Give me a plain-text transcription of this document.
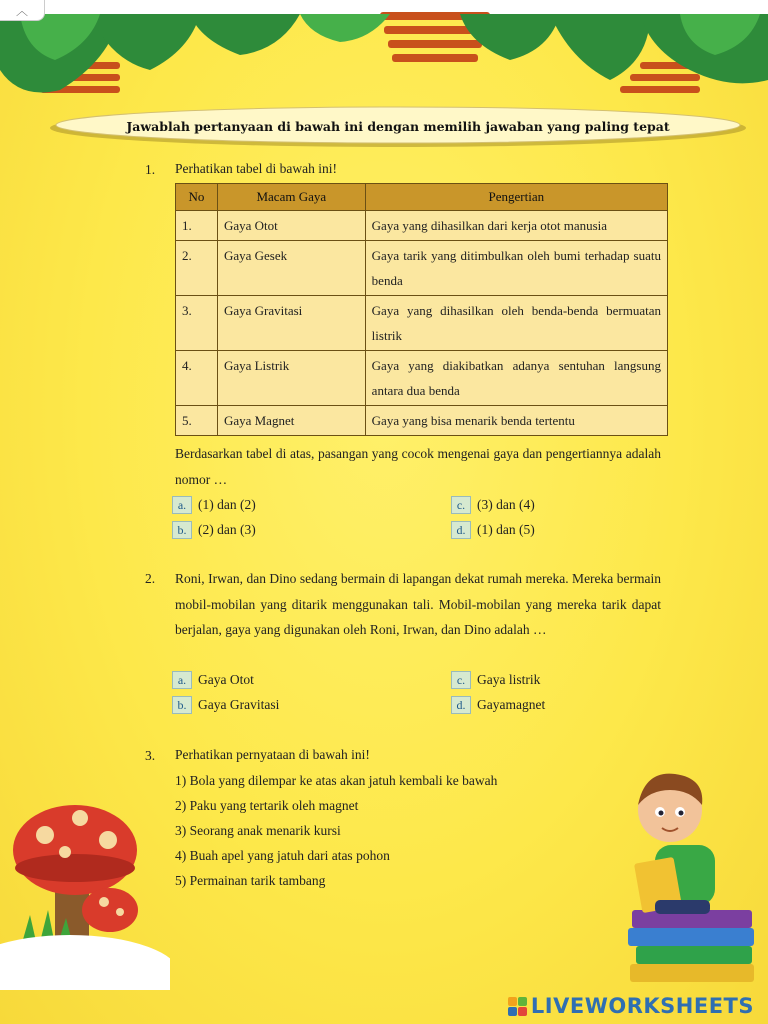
︿
Jawablah pertanyaan di bawah ini dengan memilih jawaban yang paling tepat
1. Perhatikan tabel di bawah ini!
No	Macam Gaya	Pengertian
1.	Gaya Otot	Gaya yang dihasilkan dari kerja otot manusia
2.	Gaya Gesek	Gaya tarik yang ditimbulkan oleh bumi terhadap suatu benda
3.	Gaya Gravitasi	Gaya yang dihasilkan oleh benda-benda bermuatan listrik
4.	Gaya Listrik	Gaya yang diakibatkan adanya sentuhan langsung antara dua benda
5.	Gaya Magnet	Gaya yang bisa menarik benda tertentu
Berdasarkan tabel di atas, pasangan yang cocok mengenai gaya dan pengertiannya adalah nomor …
a. (1) dan (2)
b. (2) dan (3)
c. (3) dan (4)
d. (1) dan (5)
2. Roni, Irwan, dan Dino sedang bermain di lapangan dekat rumah mereka. Mereka bermain mobil-mobilan yang ditarik menggunakan tali. Mobil-mobilan yang mereka tarik dapat berjalan, gaya yang digunakan oleh Roni, Irwan, dan Dino adalah …
a. Gaya Otot
b. Gaya Gravitasi
c. Gaya listrik
d. Gayamagnet
3. Perhatikan pernyataan di bawah ini!
1) Bola yang dilempar ke atas akan jatuh kembali ke bawah
2) Paku yang tertarik oleh magnet
3) Seorang anak menarik kursi
4) Buah apel yang jatuh dari atas pohon
5) Permainan tarik tambang
LIVEWORKSHEETS
